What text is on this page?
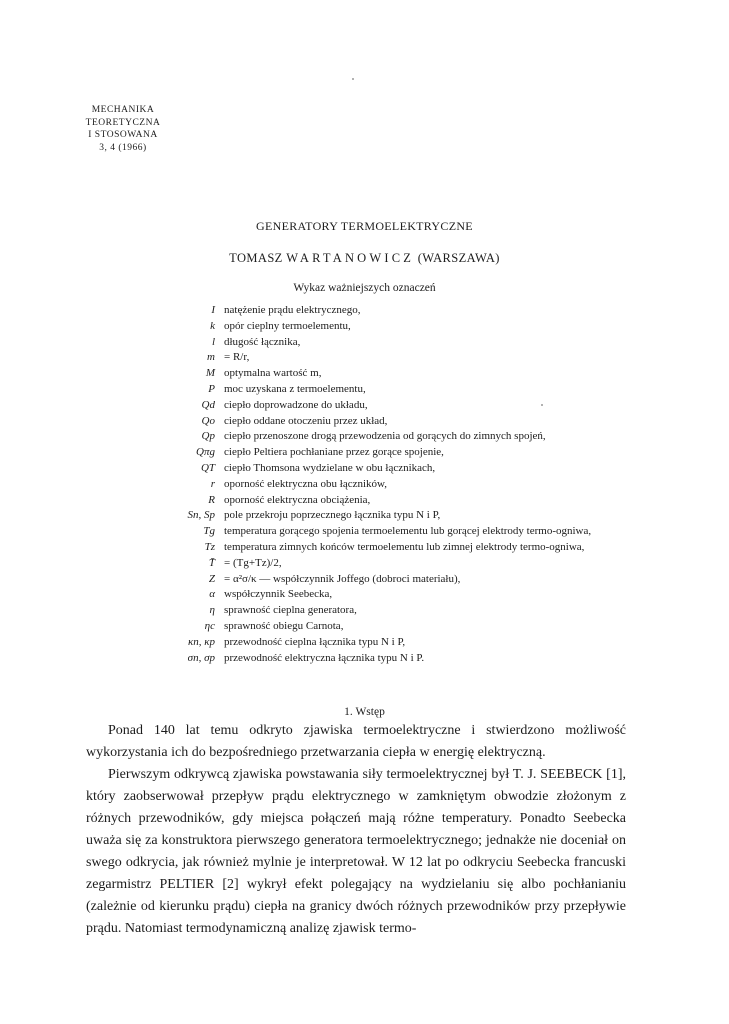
MECHANIKA
TEORETYCZNA
I STOSOWANA
3, 4 (1966)
GENERATORY TERMOELEKTRYCZNE
TOMASZ WARTANOWICZ (WARSZAWA)
Wykaz ważniejszych oznaczeń
I natężenie prądu elektrycznego,
k opór cieplny termoelementu,
l długość łącznika,
m = R/r,
M optymalna wartość m,
P moc uzyskana z termoelementu,
Qd ciepło doprowadzone do układu,
Qo ciepło oddane otoczeniu przez układ,
Qp ciepło przenoszone drogą przewodzenia od gorących do zimnych spojeń,
Qπg ciepło Peltiera pochłaniane przez gorące spojenie,
QT ciepło Thomsona wydzielane w obu łącznikach,
r oporność elektryczna obu łączników,
R oporność elektryczna obciążenia,
Sn, Sp pole przekroju poprzecznego łącznika typu N i P,
Tg temperatura gorącego spojenia termoelementu lub gorącej elektrody termo-ogniwa,
Tz temperatura zimnych końców termoelementu lub zimnej elektrody termo-ogniwa,
T̄ = (Tg+Tz)/2,
Z = α²σ/κ — współczynnik Joffego (dobroci materiału),
α współczynnik Seebecka,
η sprawność cieplna generatora,
ηc sprawność obiegu Carnota,
κn, κp przewodność cieplna łącznika typu N i P,
σn, σp przewodność elektryczna łącznika typu N i P.
1. Wstęp

Ponad 140 lat temu odkryto zjawiska termoelektryczne i stwierdzono możliwość wykorzystania ich do bezpośredniego przetwarzania ciepła w energię elektryczną.

Pierwszym odkrywcą zjawiska powstawania siły termoelektrycznej był T. J. SEEBECK [1], który zaobserwował przepływ prądu elektrycznego w zamkniętym obwodzie złożonym z różnych przewodników, gdy miejsca połączeń mają różne temperatury. Ponadto Seebecka uważa się za konstruktora pierwszego generatora termoelektrycznego; jednakże nie doceniał on swego odkrycia, jak również mylnie je interpretował. W 12 lat po odkryciu Seebecka francuski zegarmistrz PELTIER [2] wykrył efekt polegający na wydzielaniu się albo pochłanianiu (zależnie od kierunku prądu) ciepła na granicy dwóch różnych przewodników przy przepływie prądu. Natomiast termodynamiczną analizę zjawisk termo-
